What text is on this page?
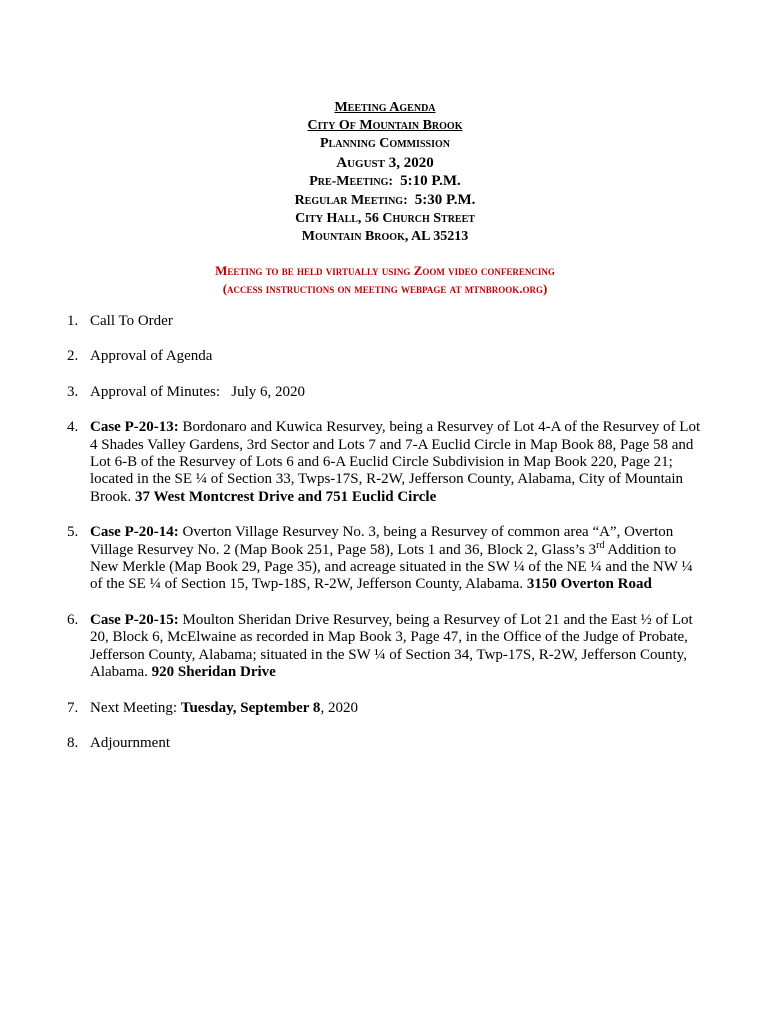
Meeting Agenda
City Of Mountain Brook
Planning Commission
August 3, 2020
Pre-Meeting: 5:10 P.M.
Regular Meeting: 5:30 P.M.
City Hall, 56 Church Street
Mountain Brook, AL 35213
Meeting to be held virtually using Zoom video conferencing
(access instructions on meeting webpage at mtnbrook.org)
1. Call To Order
2. Approval of Agenda
3. Approval of Minutes:   July 6, 2020
4. Case P-20-13: Bordonaro and Kuwica Resurvey, being a Resurvey of Lot 4-A of the Resurvey of Lot 4 Shades Valley Gardens, 3rd Sector and Lots 7 and 7-A Euclid Circle in Map Book 88, Page 58 and Lot 6-B of the Resurvey of Lots 6 and 6-A Euclid Circle Subdivision in Map Book 220, Page 21; located in the SE ¼ of Section 33, Twps-17S, R-2W, Jefferson County, Alabama, City of Mountain Brook. 37 West Montcrest Drive and 751 Euclid Circle
5. Case P-20-14: Overton Village Resurvey No. 3, being a Resurvey of common area “A”, Overton Village Resurvey No. 2 (Map Book 251, Page 58), Lots 1 and 36, Block 2, Glass’s 3rd Addition to New Merkle (Map Book 29, Page 35), and acreage situated in the SW ¼ of the NE ¼ and the NW ¼ of the SE ¼ of Section 15, Twp-18S, R-2W, Jefferson County, Alabama. 3150 Overton Road
6. Case P-20-15: Moulton Sheridan Drive Resurvey, being a Resurvey of Lot 21 and the East ½ of Lot 20, Block 6, McElwaine as recorded in Map Book 3, Page 47, in the Office of the Judge of Probate, Jefferson County, Alabama; situated in the SW ¼ of Section 34, Twp-17S, R-2W, Jefferson County, Alabama. 920 Sheridan Drive
7. Next Meeting: Tuesday, September 8, 2020
8. Adjournment
